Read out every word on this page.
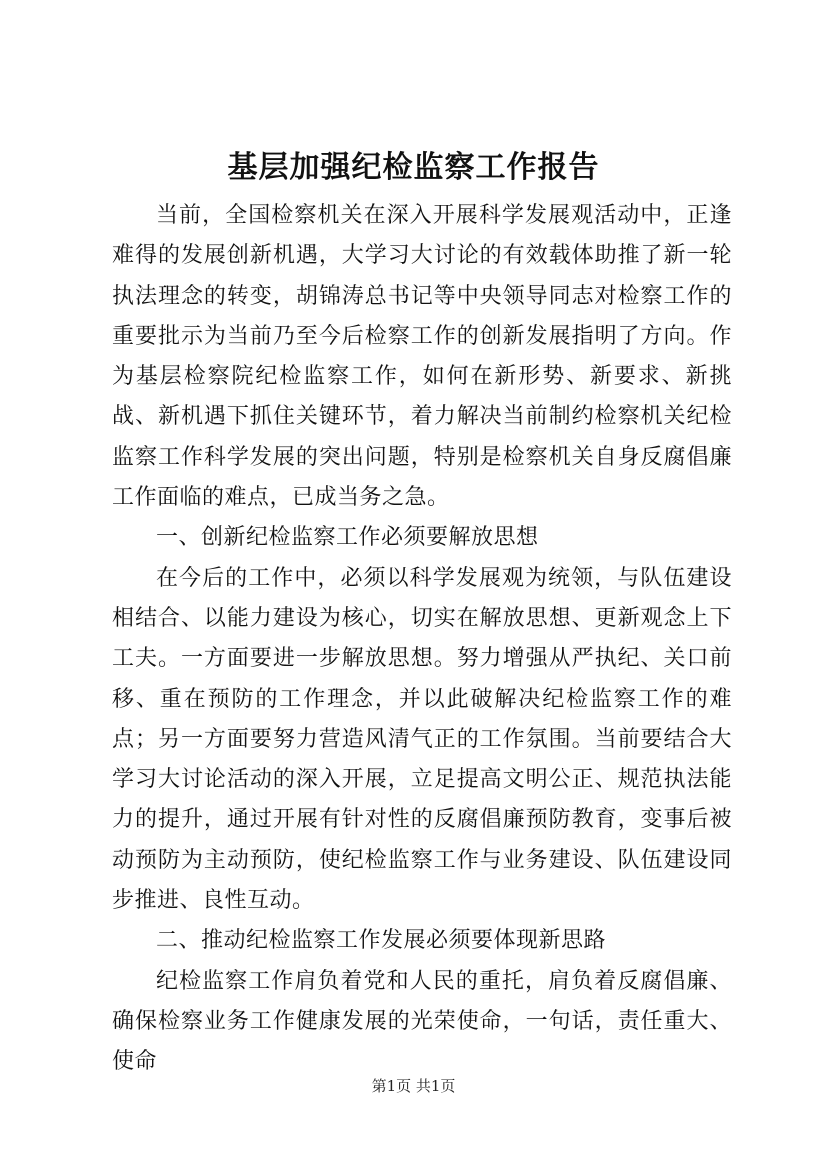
基层加强纪检监察工作报告

当前，全国检察机关在深入开展科学发展观活动中，正逢难得的发展创新机遇，大学习大讨论的有效载体助推了新一轮执法理念的转变，胡锦涛总书记等中央领导同志对检察工作的重要批示为当前乃至今后检察工作的创新发展指明了方向。作为基层检察院纪检监察工作，如何在新形势、新要求、新挑战、新机遇下抓住关键环节，着力解决当前制约检察机关纪检监察工作科学发展的突出问题，特别是检察机关自身反腐倡廉工作面临的难点，已成当务之急。

一、创新纪检监察工作必须要解放思想

在今后的工作中，必须以科学发展观为统领，与队伍建设相结合、以能力建设为核心，切实在解放思想、更新观念上下工夫。一方面要进一步解放思想。努力增强从严执纪、关口前移、重在预防的工作理念，并以此破解决纪检监察工作的难点；另一方面要努力营造风清气正的工作氛围。当前要结合大学习大讨论活动的深入开展，立足提高文明公正、规范执法能力的提升，通过开展有针对性的反腐倡廉预防教育，变事后被动预防为主动预防，使纪检监察工作与业务建设、队伍建设同步推进、良性互动。

二、推动纪检监察工作发展必须要体现新思路

纪检监察工作肩负着党和人民的重托，肩负着反腐倡廉、确保检察业务工作健康发展的光荣使命，一句话，责任重大、使命

第1页 共1页
